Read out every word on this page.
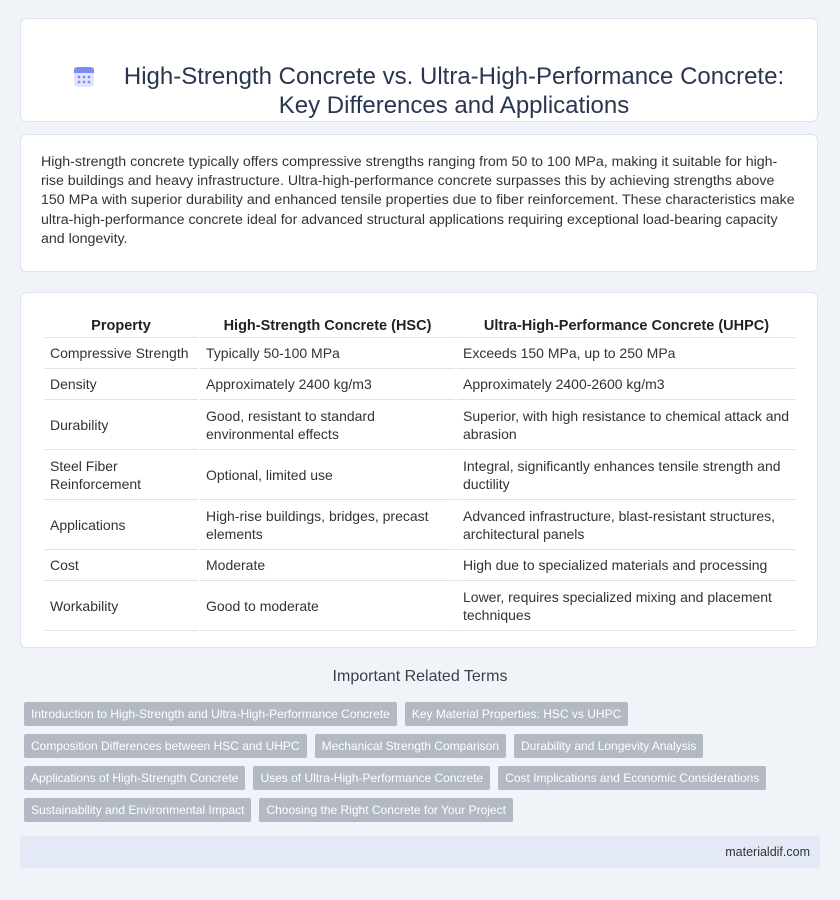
High-Strength Concrete vs. Ultra-High-Performance Concrete: Key Differences and Applications

High-strength concrete typically offers compressive strengths ranging from 50 to 100 MPa, making it suitable for high-rise buildings and heavy infrastructure. Ultra-high-performance concrete surpasses this by achieving strengths above 150 MPa with superior durability and enhanced tensile properties due to fiber reinforcement. These characteristics make ultra-high-performance concrete ideal for advanced structural applications requiring exceptional load-bearing capacity and longevity.

Property	High-Strength Concrete (HSC)	Ultra-High-Performance Concrete (UHPC)
Compressive Strength	Typically 50-100 MPa	Exceeds 150 MPa, up to 250 MPa
Density	Approximately 2400 kg/m3	Approximately 2400-2600 kg/m3
Durability	Good, resistant to standard environmental effects	Superior, with high resistance to chemical attack and abrasion
Steel Fiber Reinforcement	Optional, limited use	Integral, significantly enhances tensile strength and ductility
Applications	High-rise buildings, bridges, precast elements	Advanced infrastructure, blast-resistant structures, architectural panels
Cost	Moderate	High due to specialized materials and processing
Workability	Good to moderate	Lower, requires specialized mixing and placement techniques
Important Related Terms
Introduction to High-Strength and Ultra-High-Performance Concrete	Key Material Properties: HSC vs UHPC
Composition Differences between HSC and UHPC	Mechanical Strength Comparison	Durability and Longevity Analysis
Applications of High-Strength Concrete	Uses of Ultra-High-Performance Concrete	Cost Implications and Economic Considerations
Sustainability and Environmental Impact	Choosing the Right Concrete for Your Project
materialdif.com
